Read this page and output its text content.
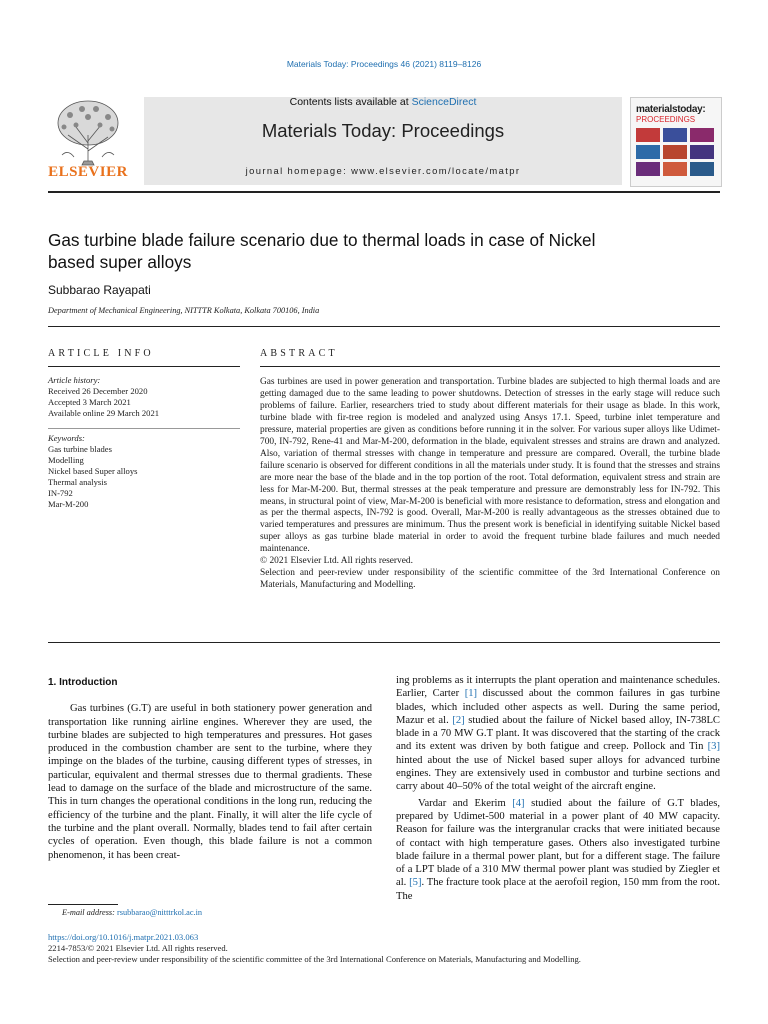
Materials Today: Proceedings 46 (2021) 8119–8126
ELSEVIER
Contents lists available at ScienceDirect
Materials Today: Proceedings
journal homepage: www.elsevier.com/locate/matpr
materialstoday:
PROCEEDINGS
Gas turbine blade failure scenario due to thermal loads in case of Nickel
based super alloys
Subbarao Rayapati
Department of Mechanical Engineering, NITTTR Kolkata, Kolkata 700106, India
ARTICLE INFO
Article history:
Received 26 December 2020
Accepted 3 March 2021
Available online 29 March 2021
Keywords:
Gas turbine blades
Modelling
Nickel based Super alloys
Thermal analysis
IN-792
Mar-M-200
ABSTRACT

Gas turbines are used in power generation and transportation. Turbine blades are subjected to high thermal loads and are getting damaged due to the same leading to power shutdowns. Detection of stresses in the early stage will reduce such problems of failure. Earlier, researchers tried to study about different materials for their usage as blade. In this work, turbine blade with fir-tree region is modeled and analyzed using Ansys 17.1. Speed, turbine inlet temperature and pressure, material properties are given as conditions before running it in the solver. For various super alloys like Udimet-700, IN-792, Rene-41 and Mar-M-200, deformation in the blade, equivalent stresses and strains are drawn and analyzed. Also, variation of thermal stresses with change in temperature and pressure are compared. Overall, the turbine blade failure scenario is observed for different conditions in all the materials under study. It is found that the stresses and strains are more near the base of the blade and in the top portion of the root. Total deformation, equivalent stress and strain are less for Mar-M-200. But, thermal stresses at the peak temperature and pressure are demonstrably less for IN-792. This means, in structural point of view, Mar-M-200 is beneficial with more resistance to deformation, stress and elongation and as per the thermal aspects, IN-792 is good. Overall, Mar-M-200 is really advantageous as the stresses obtained due to varied temperatures and pressures are minimum. Thus the present work is beneficial in identifying suitable Nickel based super alloys as gas turbine blade material in order to avoid the frequent turbine blade failures and much needed maintenance.

© 2021 Elsevier Ltd. All rights reserved.

Selection and peer-review under responsibility of the scientific committee of the 3rd International Conference on Materials, Manufacturing and Modelling.

1. Introduction

Gas turbines (G.T) are useful in both stationery power generation and transportation like running airline engines. Wherever they are used, the turbine blades are subjected to high temperatures and pressures. Hot gases produced in the combustion chamber are sent to the turbine, where they impinge on the blades of the turbine, causing different types of stresses, in particular, equivalent and thermal stresses due to thermal gradients. These lead to damage on the surface of the blade and microstructure of the same. This in turn changes the operational conditions in the long run, reducing the efficiency of the turbine and the plant. Finally, it will alter the life cycle of the turbine and the plant overall. Normally, blades tend to fail after certain cycles of operation. Even though, this blade failure is not a common phenomenon, it has been creat-

ing problems as it interrupts the plant operation and maintenance schedules. Earlier, Carter [1] discussed about the common failures in gas turbine blades, which included other aspects as well. During the same period, Mazur et al. [2] studied about the failure of Nickel based alloy, IN-738LC blade in a 70 MW G.T plant. It was discovered that the starting of the crack and its extent was driven by both fatigue and creep. Pollock and Tin [3] hinted about the use of Nickel based super alloys for advanced turbine engines. They are extensively used in combustor and turbine sections and carry about 40–50% of the total weight of the aircraft engine.

Vardar and Ekerim [4] studied about the failure of G.T blades, prepared by Udimet-500 material in a power plant of 40 MW capacity. Reason for failure was the intergranular cracks that were initiated because of contact with high temperature gases. Others also investigated turbine blade failure in a thermal power plant, but for a different stage. The failure of a LPT blade of a 310 MW thermal power plant was studied by Ziegler et al. [5]. The fracture took place at the aerofoil region, 150 mm from the root. The

E-mail address: rsubbarao@nitttrkol.ac.in
https://doi.org/10.1016/j.matpr.2021.03.063
2214-7853/© 2021 Elsevier Ltd. All rights reserved.
Selection and peer-review under responsibility of the scientific committee of the 3rd International Conference on Materials, Manufacturing and Modelling.
